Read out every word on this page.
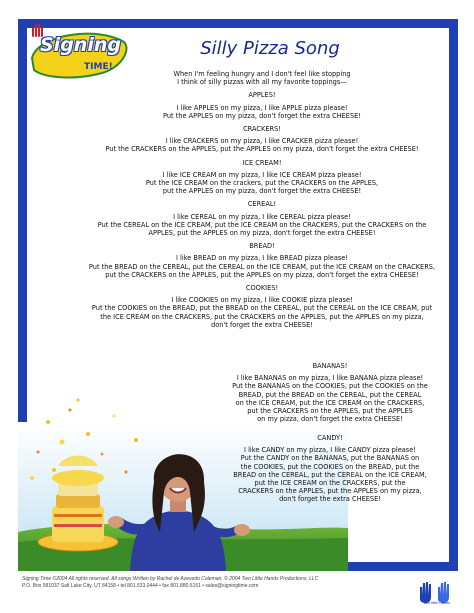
Signing
TIME!
Silly Pizza Song

When I'm feeling hungry and I don't feel like stopping
I think of silly pizzas with all my favorite toppings—

APPLES!

I like APPLES on my pizza, I like APPLE pizza please!
Put the APPLES on my pizza, don't forget the extra CHEESE!

CRACKERS!

I like CRACKERS on my pizza, I like CRACKER pizza please!
Put the CRACKERS on the APPLES, put the APPLES on my pizza, don't forget the extra CHEESE!

ICE CREAM!

I like ICE CREAM on my pizza, I like ICE CREAM pizza please!
Put the ICE CREAM on the crackers, put the CRACKERS on the APPLES,
put the APPLES on my pizza, don't forget the extra CHEESE!

CEREAL!

I like CEREAL on my pizza, I like CEREAL pizza please!
Put the CEREAL on the ICE CREAM, put the ICE CREAM on the CRACKERS, put the CRACKERS on the
APPLES, put the APPLES on my pizza, don't forget the extra CHEESE!

BREAD!

I like BREAD on my pizza, I like BREAD pizza please!
Put the BREAD on the CEREAL, put the CEREAL on the ICE CREAM, put the ICE CREAM on the CRACKERS,
put the CRACKERS on the APPLES, put the APPLES on my pizza, don't forget the extra CHEESE!

COOKIES!

I like COOKIES on my pizza, I like COOKIE pizza please!
Put the COOKIES on the BREAD, put the BREAD on the CEREAL, put the CEREAL on the ICE CREAM, put
the ICE CREAM on the CRACKERS, put the CRACKERS on the APPLES, put the APPLES on my pizza,
don't forget the extra CHEESE!

BANANAS!
I like BANANAS on my pizza, I like BANANA pizza please!
Put the BANANAS on the COOKIES, put the COOKIES on the
BREAD, put the BREAD on the CEREAL, put the CEREAL
on the ICE CREAM, put the ICE CREAM on the CRACKERS,
put the CRACKERS on the APPLES, put the APPLES
on my pizza, don't forget the extra CHEESE!
CANDY!
I like CANDY on my pizza, I like CANDY pizza please!
Put the CANDY on the BANANAS, put the BANANAS on
the COOKIES, put the COOKIES on the BREAD, put the
BREAD on the CEREAL, put the CEREAL on the ICE CREAM,
put the ICE CREAM on the CRACKERS, put the
CRACKERS on the APPLES, put the APPLES on my pizza,
don't forget the extra CHEESE!
Signing Time ©2004 All rights reserved. All songs Written by Rachel de Azevedo Coleman. © 2004 Two Little Hands Productions, LLC
P.O. Box 581037 Salt Lake City, UT 84158 • tel 801.533.0444 • fax 801.880.5151 • sales@signingtime.com
two little hands
